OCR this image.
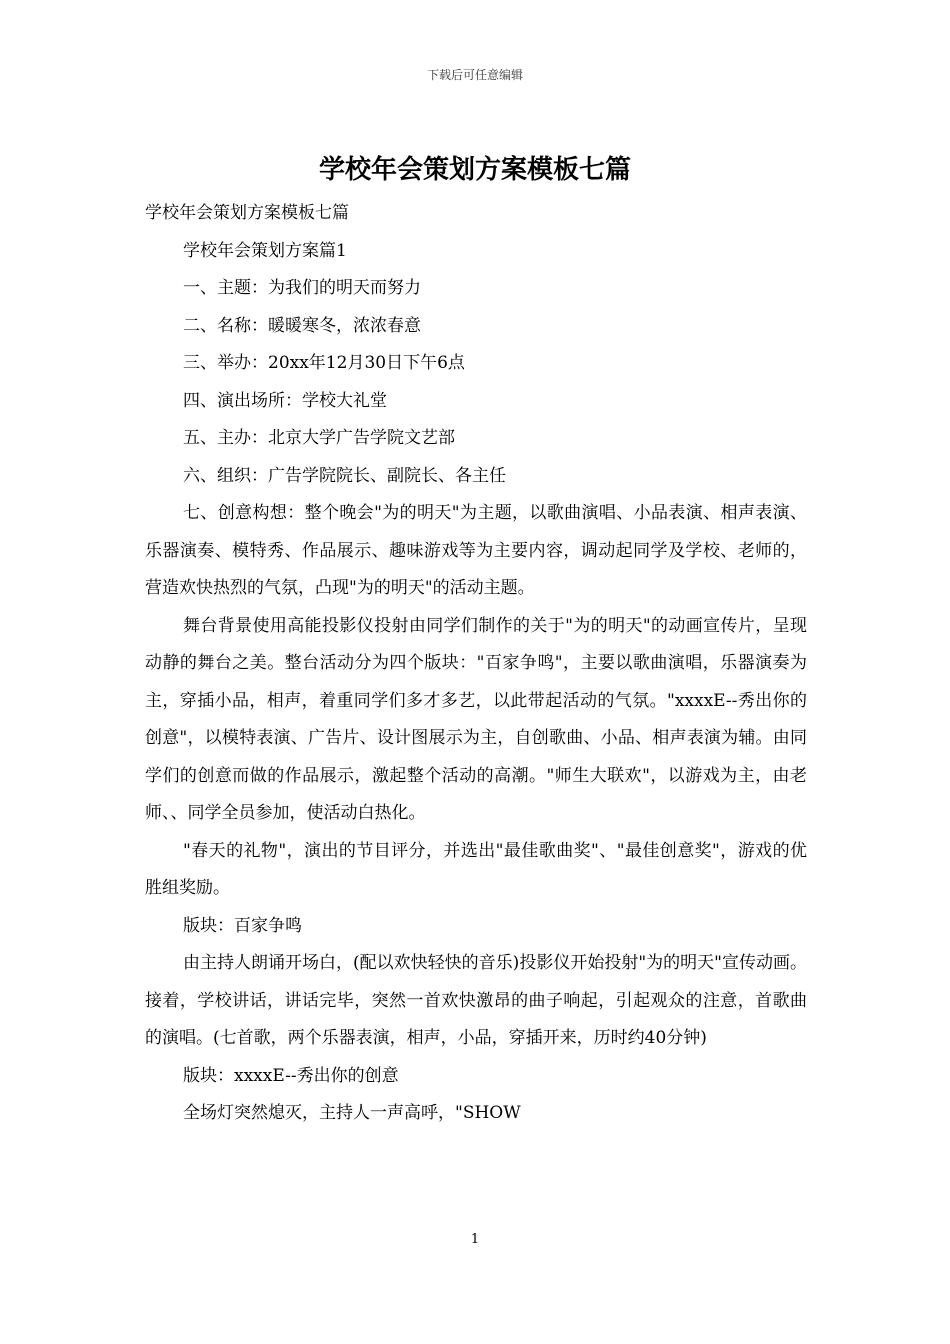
下载后可任意编辑
学校年会策划方案模板七篇

学校年会策划方案模板七篇

学校年会策划方案篇1

一、主题：为我们的明天而努力

二、名称：暖暖寒冬，浓浓春意

三、举办：20xx年12月30日下午6点

四、演出场所：学校大礼堂

五、主办：北京大学广告学院文艺部

六、组织：广告学院院长、副院长、各主任

七、创意构想：整个晚会"为的明天"为主题，以歌曲演唱、小品表演、相声表演、乐器演奏、模特秀、作品展示、趣味游戏等为主要内容，调动起同学及学校、老师的，营造欢快热烈的气氛，凸现"为的明天"的活动主题。

舞台背景使用高能投影仪投射由同学们制作的关于"为的明天"的动画宣传片，呈现动静的舞台之美。整台活动分为四个版块："百家争鸣"，主要以歌曲演唱，乐器演奏为主，穿插小品，相声，着重同学们多才多艺，以此带起活动的气氛。"xxxxE--秀出你的创意"，以模特表演、广告片、设计图展示为主，自创歌曲、小品、相声表演为辅。由同学们的创意而做的作品展示，激起整个活动的高潮。"师生大联欢"，以游戏为主，由老师、、同学全员参加，使活动白热化。

"春天的礼物"，演出的节目评分，并选出"最佳歌曲奖"、"最佳创意奖"，游戏的优胜组奖励。

版块：百家争鸣

由主持人朗诵开场白，(配以欢快轻快的音乐)投影仪开始投射"为的明天"宣传动画。接着，学校讲话，讲话完毕，突然一首欢快激昂的曲子响起，引起观众的注意，首歌曲的演唱。(七首歌，两个乐器表演，相声，小品，穿插开来，历时约40分钟)

版块：xxxxE--秀出你的创意

全场灯突然熄灭，主持人一声高呼，"SHOW

1
